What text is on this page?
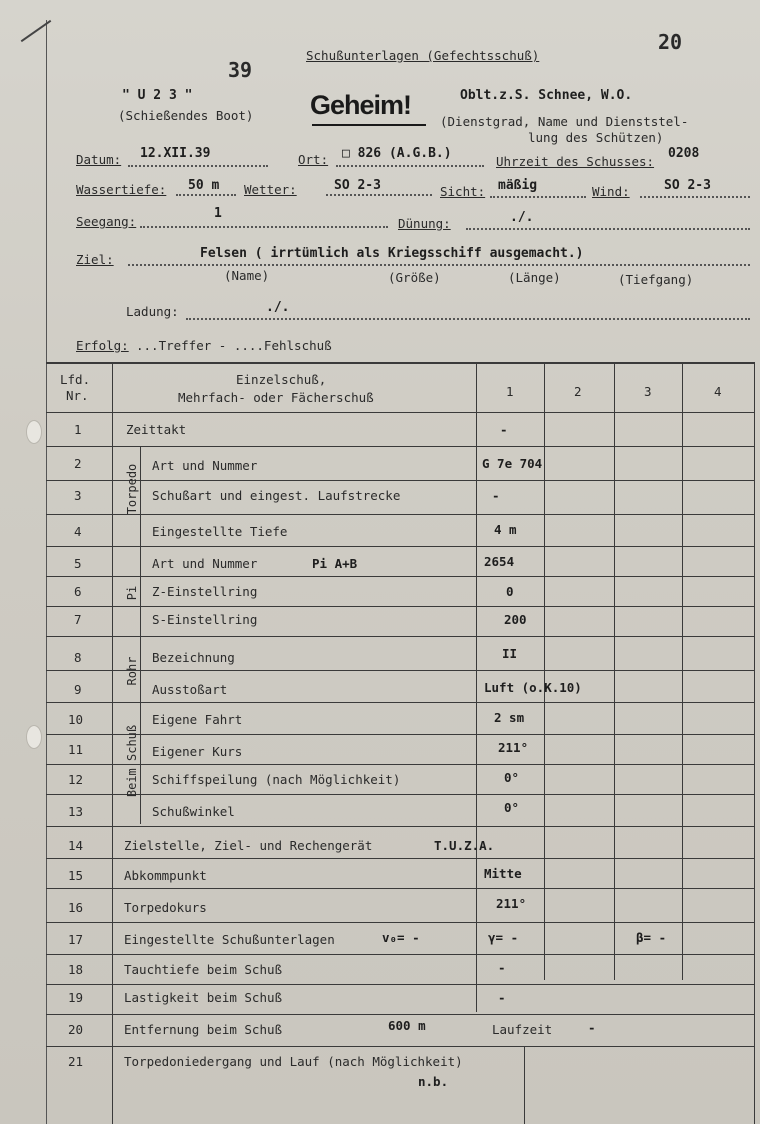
20
Schußunterlagen (Gefechtsschuß)
39
" U 2 3 "
(Schießendes Boot) Geheim!	Oblt.z.S. Schnee, W.O.
(Dienstgrad, Name und Dienststel-
lung des Schützen)
Datum: 12.XII.39	Ort: □ 826 (A.G.B.)
Uhrzeit des Schusses:
0208
Wassertiefe: 50 m Wetter:	SO 2-3	Sicht: mäßig	Wind:	SO 2-3
Seegang:
1
Dünung:	./.
Ziel:	Felsen ( irrtümlich als Kriegsschiff ausgemacht.)
(Name)	(Größe)	(Länge)	(Tiefgang)
Ladung:	./.
Erfolg: ...Treffer - ....Fehlschuß
Lfd.
Nr.
Einzelschuß,
Mehrfach- oder Fächerschuß	1	2	3	4
Torpedo
Pi
Rohr
Beim Schuß
1	Zeittakt	-
2	Art und Nummer	G 7e 704
3	Schußart und eingest. Laufstrecke	-
4	Eingestellte Tiefe	4 m
5	Art und Nummer	Pi A+B	2654
6	Z-Einstellring	0
7	S-Einstellring	200
8	Bezeichnung	II
9	Ausstoßart	Luft (o.K.10)
10	Eigene Fahrt	2 sm
11	Eigener Kurs	211°
12	Schiffspeilung (nach Möglichkeit)	0°
13	Schußwinkel	0°
14	Zielstelle, Ziel- und Rechengerät	T.U.Z.A.
15	Abkommpunkt	Mitte
16	Torpedokurs	211°
17	Eingestellte Schußunterlagen	v₀= -	γ= -	β= -
18	Tauchtiefe beim Schuß	-
19	Lastigkeit beim Schuß	-
20	Entfernung beim Schuß	600 m	Laufzeit	-
21	Torpedoniedergang und Lauf (nach Möglichkeit)
n.b.
